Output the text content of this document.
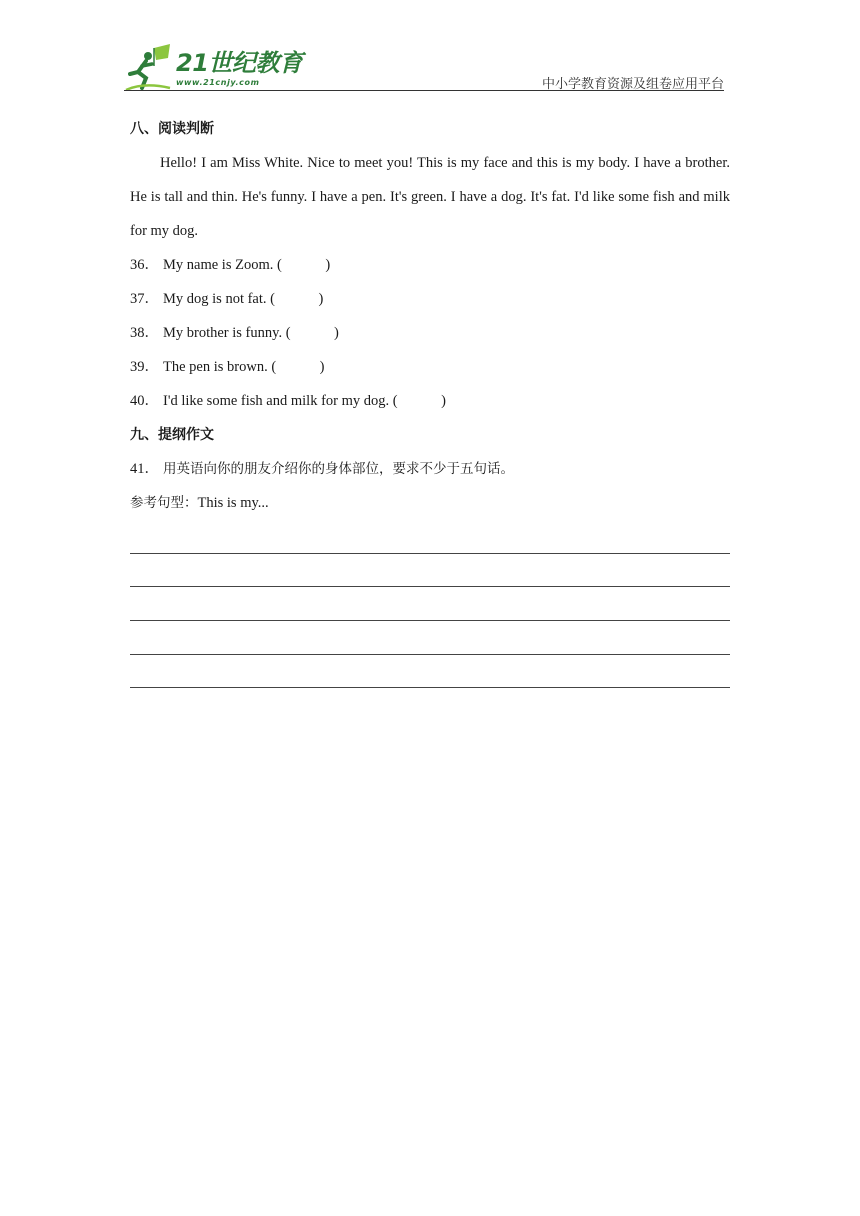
21世纪教育
www.21cnjy.com	中小学教育资源及组卷应用平台
八、阅读判断

Hello! I am Miss White. Nice to meet you! This is my face and this is my body. I have a brother. He is tall and thin. He's funny. I have a pen. It's green. I have a dog. It's fat. I'd like some fish and milk for my dog.

36． My name is Zoom. (	)
37． My dog is not fat. (	)
38． My brother is funny. (	)
39． The pen is brown. (	)
40． I'd like some fish and milk for my dog. (	)
九、提纲作文
41． 用英语向你的朋友介绍你的身体部位，要求不少于五句话。
参考句型：This is my...
